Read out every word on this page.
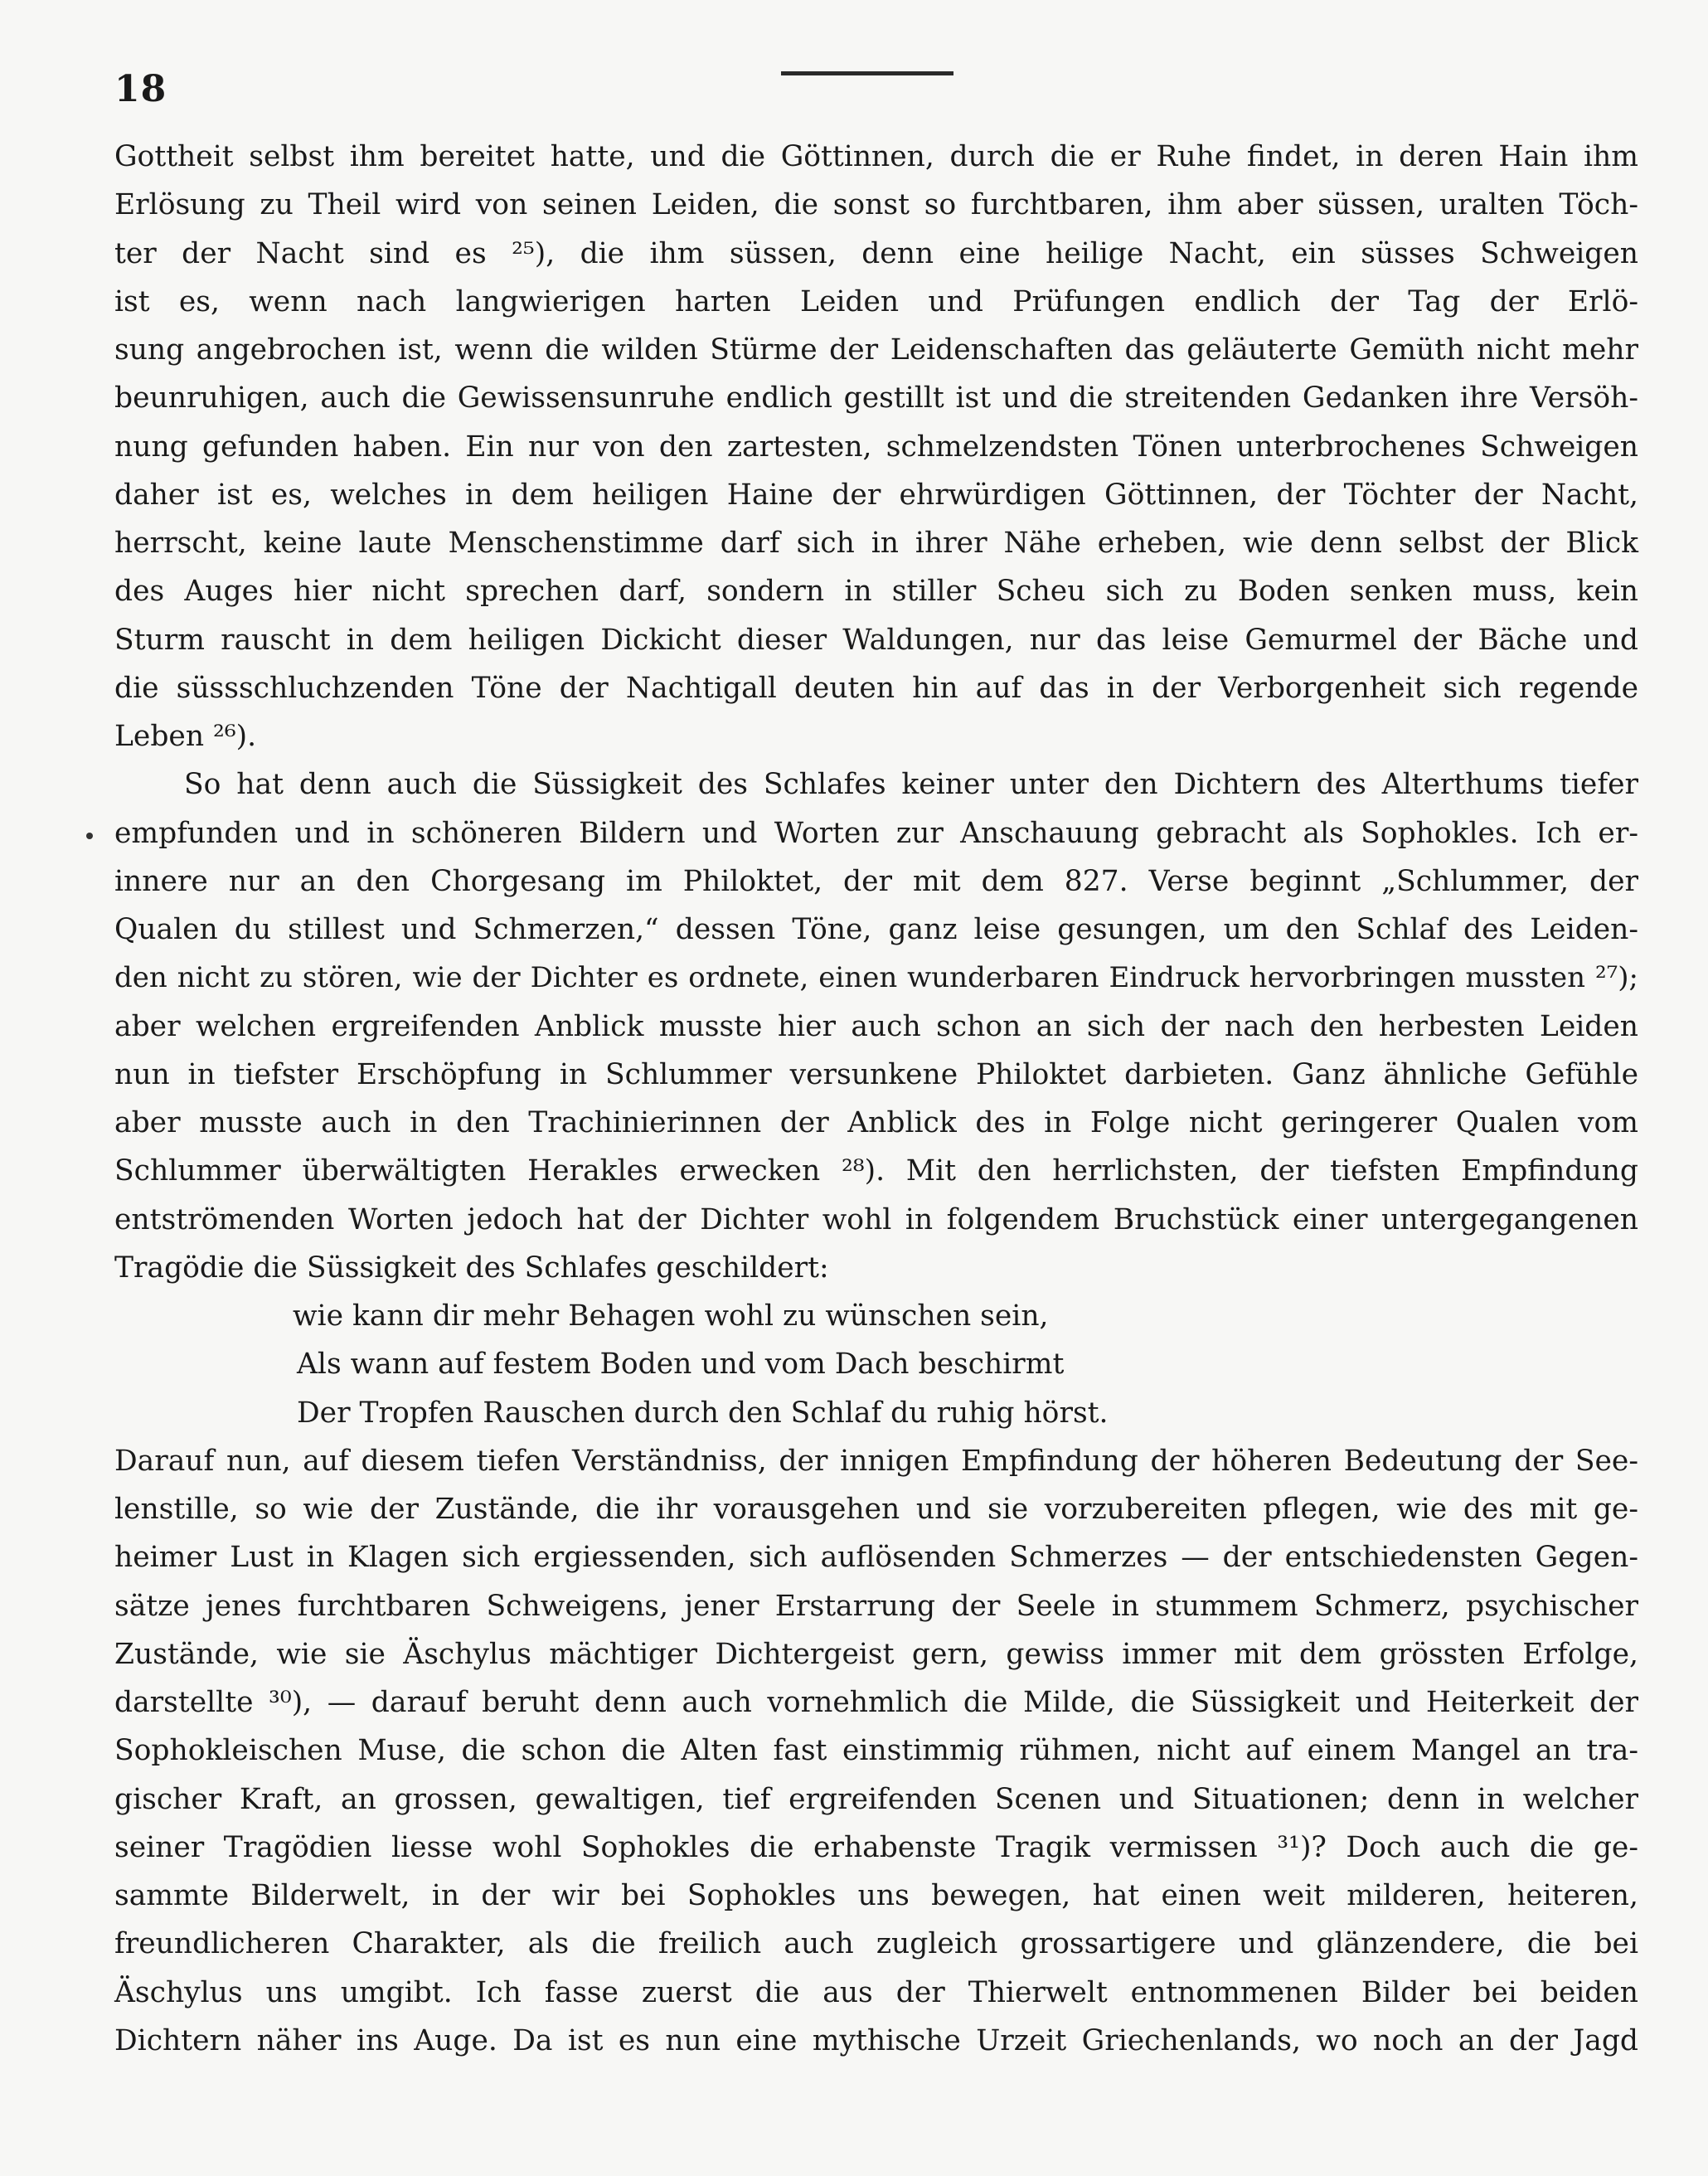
18
Gottheit selbst ihm bereitet hatte, und die Göttinnen, durch die er Ruhe findet, in deren Hain ihm
Erlösung zu Theil wird von seinen Leiden, die sonst so furchtbaren, ihm aber süssen, uralten Töch-
ter der Nacht sind es ²⁵), die ihm süssen, denn eine heilige Nacht, ein süsses Schweigen
ist es, wenn nach langwierigen harten Leiden und Prüfungen endlich der Tag der Erlö-
sung angebrochen ist, wenn die wilden Stürme der Leidenschaften das geläuterte Gemüth nicht mehr
beunruhigen, auch die Gewissensunruhe endlich gestillt ist und die streitenden Gedanken ihre Versöh-
nung gefunden haben. Ein nur von den zartesten, schmelzendsten Tönen unterbrochenes Schweigen
daher ist es, welches in dem heiligen Haine der ehrwürdigen Göttinnen, der Töchter der Nacht,
herrscht, keine laute Menschenstimme darf sich in ihrer Nähe erheben, wie denn selbst der Blick
des Auges hier nicht sprechen darf, sondern in stiller Scheu sich zu Boden senken muss, kein
Sturm rauscht in dem heiligen Dickicht dieser Waldungen, nur das leise Gemurmel der Bäche und
die süssschluchzenden Töne der Nachtigall deuten hin auf das in der Verborgenheit sich regende
Leben ²⁶).
So hat denn auch die Süssigkeit des Schlafes keiner unter den Dichtern des Alterthums tiefer
empfunden und in schöneren Bildern und Worten zur Anschauung gebracht als Sophokles. Ich er-
innere nur an den Chorgesang im Philoktet, der mit dem 827. Verse beginnt „Schlummer, der
Qualen du stillest und Schmerzen,“ dessen Töne, ganz leise gesungen, um den Schlaf des Leiden-
den nicht zu stören, wie der Dichter es ordnete, einen wunderbaren Eindruck hervorbringen mussten ²⁷);
aber welchen ergreifenden Anblick musste hier auch schon an sich der nach den herbesten Leiden
nun in tiefster Erschöpfung in Schlummer versunkene Philoktet darbieten. Ganz ähnliche Gefühle
aber musste auch in den Trachinierinnen der Anblick des in Folge nicht geringerer Qualen vom
Schlummer überwältigten Herakles erwecken ²⁸). Mit den herrlichsten, der tiefsten Empfindung
entströmenden Worten jedoch hat der Dichter wohl in folgendem Bruchstück einer untergegangenen
Tragödie die Süssigkeit des Schlafes geschildert:
wie kann dir mehr Behagen wohl zu wünschen sein,
Als wann auf festem Boden und vom Dach beschirmt
Der Tropfen Rauschen durch den Schlaf du ruhig hörst.
Darauf nun, auf diesem tiefen Verständniss, der innigen Empfindung der höheren Bedeutung der See-
lenstille, so wie der Zustände, die ihr vorausgehen und sie vorzubereiten pflegen, wie des mit ge-
heimer Lust in Klagen sich ergiessenden, sich auflösenden Schmerzes — der entschiedensten Gegen-
sätze jenes furchtbaren Schweigens, jener Erstarrung der Seele in stummem Schmerz, psychischer
Zustände, wie sie Äschylus mächtiger Dichtergeist gern, gewiss immer mit dem grössten Erfolge,
darstellte ³⁰), — darauf beruht denn auch vornehmlich die Milde, die Süssigkeit und Heiterkeit der
Sophokleischen Muse, die schon die Alten fast einstimmig rühmen, nicht auf einem Mangel an tra-
gischer Kraft, an grossen, gewaltigen, tief ergreifenden Scenen und Situationen; denn in welcher
seiner Tragödien liesse wohl Sophokles die erhabenste Tragik vermissen ³¹)? Doch auch die ge-
sammte Bilderwelt, in der wir bei Sophokles uns bewegen, hat einen weit milderen, heiteren,
freundlicheren Charakter, als die freilich auch zugleich grossartigere und glänzendere, die bei
Äschylus uns umgibt. Ich fasse zuerst die aus der Thierwelt entnommenen Bilder bei beiden
Dichtern näher ins Auge. Da ist es nun eine mythische Urzeit Griechenlands, wo noch an der Jagd
